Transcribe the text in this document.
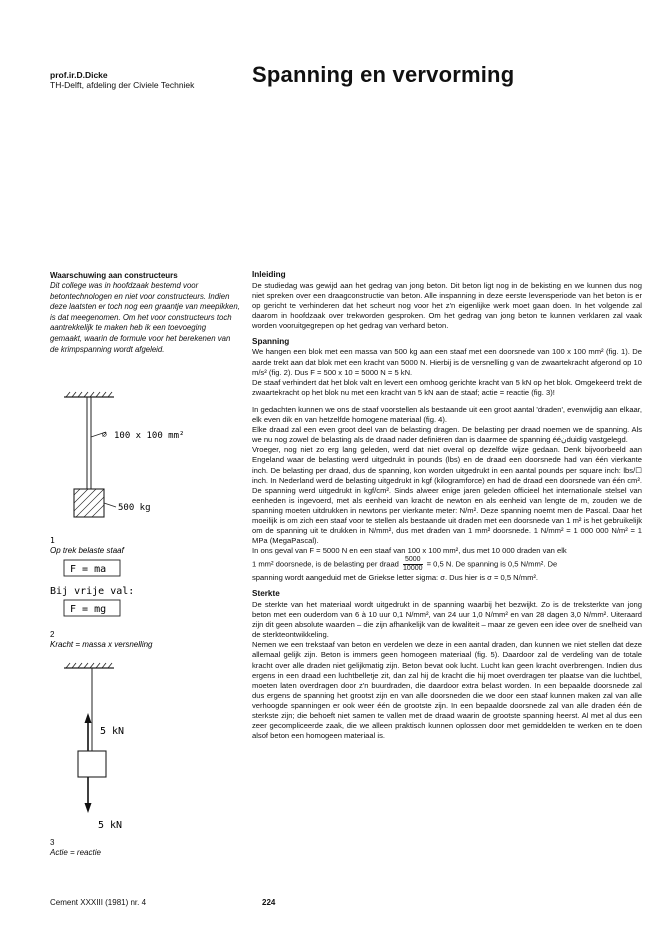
prof.ir.D.Dicke
TH-Delft, afdeling der Civiele Techniek	Spanning en vervorming

Waarschuwing aan constructeurs

Dit college was in hoofdzaak bestemd voor betontechnologen en niet voor constructeurs. Indien deze laatsten er toch nog een graantje van meepikken, is dat meegenomen. Om het voor constructeurs toch aantrekkelijk te maken heb ik een toevoeging gemaakt, waarin de formule voor het berekenen van de krimpspanning wordt afgeleid.

⌀ 100 x 100 mm²
500 kg
1
Op trek belaste staaf
F = ma
Bij vrije val:
F = mg
2
Kracht = massa x versnelling
5 kN
5 kN
3
Actie = reactie
Inleiding

De studiedag was gewijd aan het gedrag van jong beton. Dit beton ligt nog in de bekisting en we kunnen dus nog niet spreken over een draagconstructie van beton. Alle inspanning in deze eerste levensperiode van het beton is er op gericht te verhinderen dat het scheurt nog voor het z'n eigenlijke werk moet gaan doen. In het volgende zal daarom in hoofdzaak over trekworden gesproken. Om het gedrag van jong beton te kunnen verklaren zal vaak worden vooruitgegrepen op het gedrag van verhard beton.

Spanning

We hangen een blok met een massa van 500 kg aan een staaf met een doorsnede van 100 x 100 mm² (fig. 1). De aarde trekt aan dat blok met een kracht van 5000 N. Hierbij is de versnelling g van de zwaartekracht afgerond op 10 m/s² (fig. 2). Dus F = 500 x 10 = 5000 N = 5 kN.

De staaf verhindert dat het blok valt en levert een omhoog gerichte kracht van 5 kN op het blok. Omgekeerd trekt de zwaartekracht op het blok nu met een kracht van 5 kN aan de staaf; actie = reactie (fig. 3)!

In gedachten kunnen we ons de staaf voorstellen als bestaande uit een groot aantal 'draden', evenwijdig aan elkaar, elk even dik en van hetzelfde homogene materiaal (fig. 4).

Elke draad zal een even groot deel van de belasting dragen. De belasting per draad noemen we de spanning. Als we nu nog zowel de belasting als de draad nader definiëren dan is daarmee de spanning ééنduidig vastgelegd.

Vroeger, nog niet zo erg lang geleden, werd dat niet overal op dezelfde wijze gedaan. Denk bijvoorbeeld aan Engeland waar de belasting werd uitgedrukt in pounds (lbs) en de draad een doorsnede had van één vierkante inch. De belasting per draad, dus de spanning, kon worden uitgedrukt in een aantal pounds per square inch: lbs/☐ inch. In Nederland werd de belasting uitgedrukt in kgf (kilogramforce) en had de draad een doorsnede van één cm². De spanning werd uitgedrukt in kgf/cm². Sinds alweer enige jaren geleden officieel het internationale stelsel van eenheden is ingevoerd, met als eenheid van kracht de newton en als eenheid van lengte de m, zouden we de spanning moeten uitdrukken in newtons per vierkante meter: N/m². Deze spanning noemt men de Pascal. Daar het moeilijk is om zich een staaf voor te stellen als bestaande uit draden met een doorsnede van 1 m² is het gebruikelijk om de spanning uit te drukken in N/mm², dus met draden van 1 mm² doorsnede. 1 N/mm² = 1 000 000 N/m² = 1 MPa (MegaPascal).

In ons geval van F = 5000 N en een staaf van 100 x 100 mm², dus met 10 000 draden van elk

1 mm² doorsnede, is de belasting per draad $\frac{5000}{10000} = 0,5$ N. De spanning is 0,5 N/mm². De

spanning wordt aangeduid met de Griekse letter sigma: σ. Dus hier is σ = 0,5 N/mm².

Sterkte

De sterkte van het materiaal wordt uitgedrukt in de spanning waarbij het bezwijkt. Zo is de treksterkte van jong beton met een ouderdom van 6 à 10 uur 0,1 N/mm², van 24 uur 1,0 N/mm² en van 28 dagen 3,0 N/mm². Uiteraard zijn dit geen absolute waarden – die zijn afhankelijk van de kwaliteit – maar ze geven een idee over de snelheid van de sterkteontwikkeling.

Nemen we een trekstaaf van beton en verdelen we deze in een aantal draden, dan kunnen we niet stellen dat deze allemaal gelijk zijn. Beton is immers geen homogeen materiaal (fig. 5). Daardoor zal de verdeling van de totale kracht over alle draden niet gelijkmatig zijn. Beton bevat ook lucht. Lucht kan geen kracht overbrengen. Indien dus ergens in een draad een luchtbelletje zit, dan zal hij de kracht die hij moet overdragen ter plaatse van die luchtbel, moeten laten overdragen door z'n buurdraden, die daardoor extra belast worden. In een bepaalde doorsnede zal dus ergens de spanning het grootst zijn en van alle doorsneden die we door een staaf kunnen maken zal van alle verhoogde spanningen er ook weer één de grootste zijn. In een bepaalde doorsnede zal van alle draden één de sterkste zijn; die behoeft niet samen te vallen met de draad waarin de grootste spanning heerst. Al met al dus een zeer gecompliceerde zaak, die we alleen praktisch kunnen oplossen door met gemiddelden te werken en te doen alsof beton een homogeen materiaal is.

Cement XXXIII (1981) nr. 4	224
